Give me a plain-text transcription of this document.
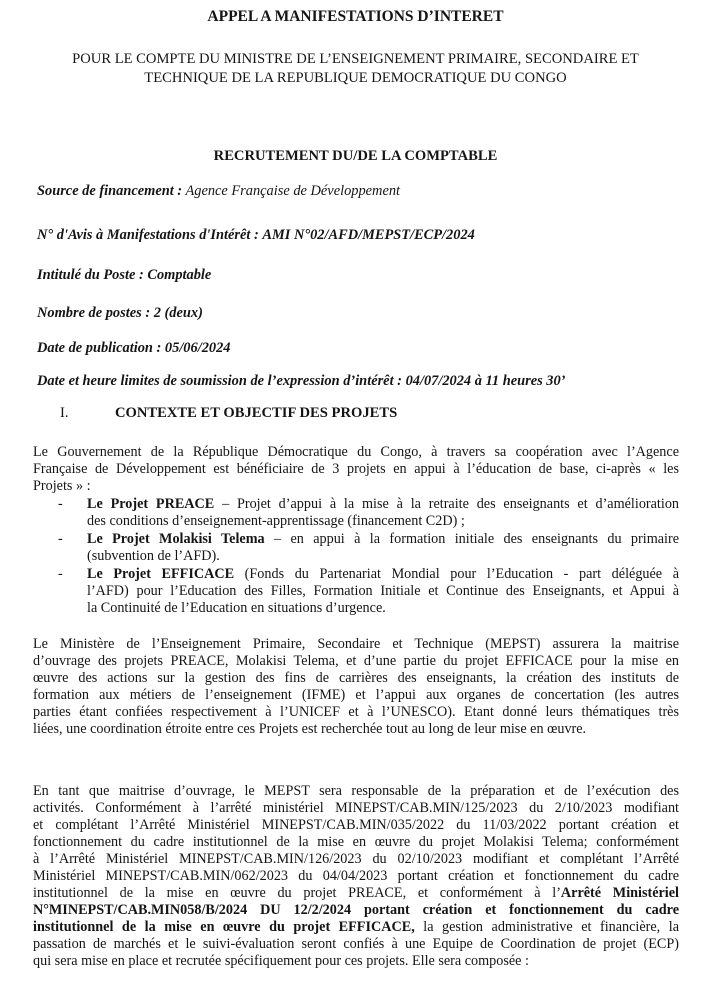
APPEL A MANIFESTATIONS D’INTERET
POUR LE COMPTE DU MINISTRE DE L’ENSEIGNEMENT PRIMAIRE, SECONDAIRE ET
TECHNIQUE DE LA REPUBLIQUE DEMOCRATIQUE DU CONGO
RECRUTEMENT DU/DE LA COMPTABLE
Source de financement : Agence Française de Développement
N° d'Avis à Manifestations d'Intérêt : AMI N°02/AFD/MEPST/ECP/2024
Intitulé du Poste : Comptable
Nombre de postes : 2 (deux)
Date de publication : 05/06/2024
Date et heure limites de soumission de l’expression d’intérêt : 04/07/2024 à 11 heures 30’
I.	CONTEXTE ET OBJECTIF DES PROJETS
Le Gouvernement de la République Démocratique du Congo, à travers sa coopération avec l’Agence
Française de Développement est bénéficiaire de 3 projets en appui à l’éducation de base, ci-après « les
Projets » :
- Le Projet PREACE – Projet d’appui à la mise à la retraite des enseignants et d’amélioration
des conditions d’enseignement-apprentissage (financement C2D) ;
- Le Projet Molakisi Telema – en appui à la formation initiale des enseignants du primaire
(subvention de l’AFD).
- Le Projet EFFICACE (Fonds du Partenariat Mondial pour l’Education - part déléguée à
l’AFD) pour l’Education des Filles, Formation Initiale et Continue des Enseignants, et Appui à
la Continuité de l’Education en situations d’urgence.
Le Ministère de l’Enseignement Primaire, Secondaire et Technique (MEPST) assurera la maitrise
d’ouvrage des projets PREACE, Molakisi Telema, et d’une partie du projet EFFICACE pour la mise en
œuvre des actions sur la gestion des fins de carrières des enseignants, la création des instituts de
formation aux métiers de l’enseignement (IFME) et l’appui aux organes de concertation (les autres
parties étant confiées respectivement à l’UNICEF et à l’UNESCO). Etant donné leurs thématiques très
liées, une coordination étroite entre ces Projets est recherchée tout au long de leur mise en œuvre.
En tant que maitrise d’ouvrage, le MEPST sera responsable de la préparation et de l’exécution des
activités. Conformément à l’arrêté ministériel MINEPST/CAB.MIN/125/2023 du 2/10/2023 modifiant
et complétant l’Arrêté Ministériel MINEPST/CAB.MIN/035/2022 du 11/03/2022 portant création et
fonctionnement du cadre institutionnel de la mise en œuvre du projet Molakisi Telema; conformément
à l’Arrêté Ministériel MINEPST/CAB.MIN/126/2023 du 02/10/2023 modifiant et complétant l’Arrêté
Ministériel MINEPST/CAB.MIN/062/2023 du 04/04/2023 portant création et fonctionnement du cadre
institutionnel de la mise en œuvre du projet PREACE, et conformément à l’Arrêté Ministériel
N°MINEPST/CAB.MIN058/B/2024 DU 12/2/2024 portant création et fonctionnement du cadre
institutionnel de la mise en œuvre du projet EFFICACE, la gestion administrative et financière, la
passation de marchés et le suivi-évaluation seront confiés à une Equipe de Coordination de projet (ECP)
qui sera mise en place et recrutée spécifiquement pour ces projets. Elle sera composée :
